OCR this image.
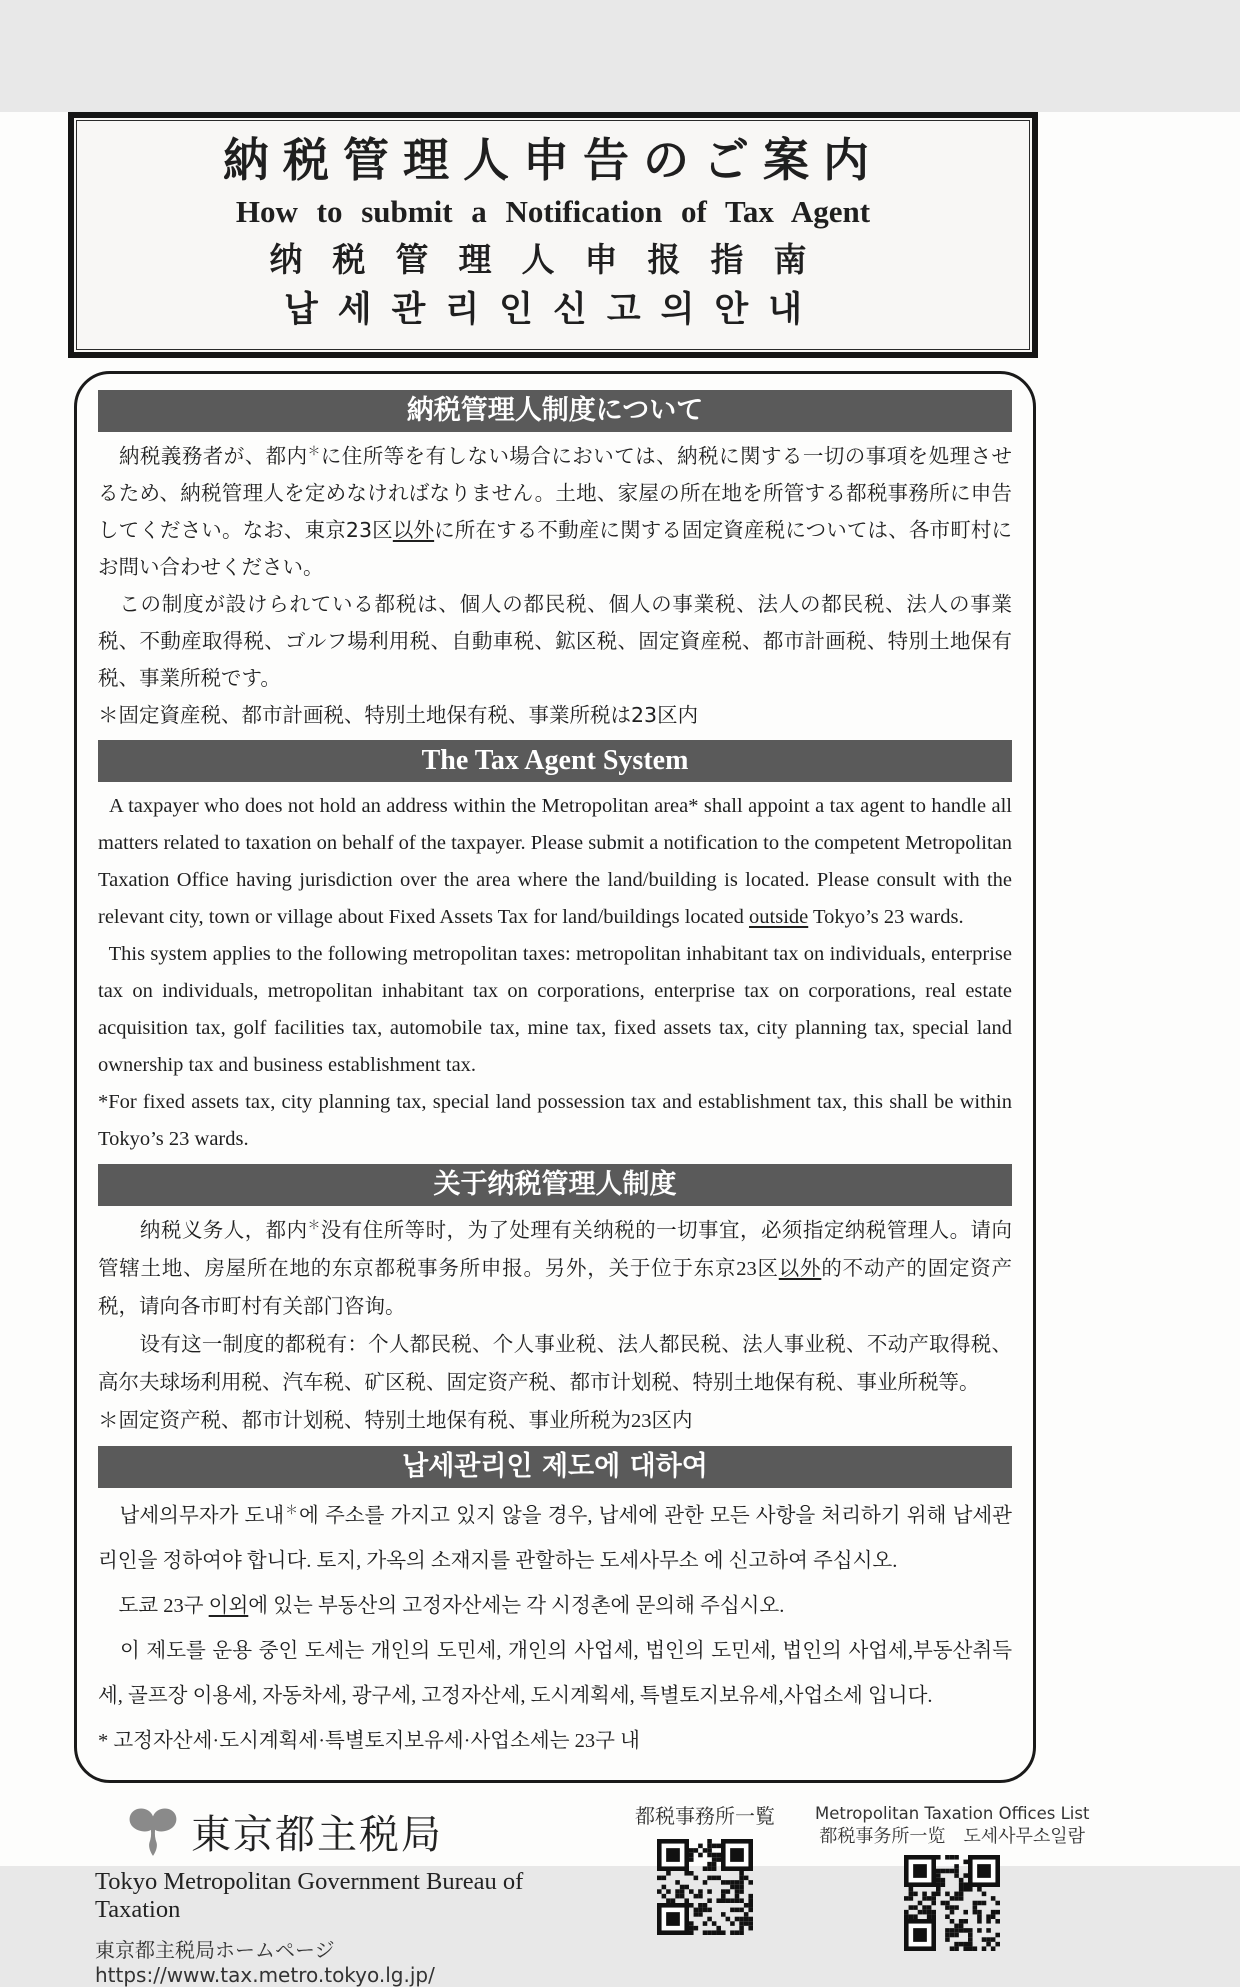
納税管理人申告のご案内
How to submit a Notification of Tax Agent
纳税管理人申报指南
납세관리인신고의안내
納税管理人制度について

　納税義務者が、都内＊に住所等を有しない場合においては、納税に関する一切の事項を処理させるため、納税管理人を定めなければなりません。土地、家屋の所在地を所管する都税事務所に申告してください。なお、東京23区以外に所在する不動産に関する固定資産税については、各市町村にお問い合わせください。

　この制度が設けられている都税は、個人の都民税、個人の事業税、法人の都民税、法人の事業税、不動産取得税、ゴルフ場利用税、自動車税、鉱区税、固定資産税、都市計画税、特別土地保有税、事業所税です。

＊固定資産税、都市計画税、特別土地保有税、事業所税は23区内

The Tax Agent System

A taxpayer who does not hold an address within the Metropolitan area* shall appoint a tax agent to handle all matters related to taxation on behalf of the taxpayer. Please submit a notification to the competent Metropolitan Taxation Office having jurisdiction over the area where the land/building is located. Please consult with the relevant city, town or village about Fixed Assets Tax for land/buildings located outside Tokyo’s 23 wards.

This system applies to the following metropolitan taxes: metropolitan inhabitant tax on individuals, enterprise tax on individuals, metropolitan inhabitant tax on corporations, enterprise tax on corporations, real estate acquisition tax, golf facilities tax, automobile tax, mine tax, fixed assets tax, city planning tax, special land ownership tax and business establishment tax.

*For fixed assets tax, city planning tax, special land possession tax and establishment tax, this shall be within Tokyo’s 23 wards.

关于纳税管理人制度

　　纳税义务人，都内＊没有住所等时，为了处理有关纳税的一切事宜，必须指定纳税管理人。请向管辖土地、房屋所在地的东京都税事务所申报。另外，关于位于东京23区以外的不动产的固定资产税，请向各市町村有关部门咨询。

　　设有这一制度的都税有：个人都民税、个人事业税、法人都民税、法人事业税、不动产取得税、高尔夫球场利用税、汽车税、矿区税、固定资产税、都市计划税、特别土地保有税、事业所税等。

＊固定资产税、都市计划税、特别土地保有税、事业所税为23区内

납세관리인 제도에 대하여

　납세의무자가 도내＊에 주소를 가지고 있지 않을 경우, 납세에 관한 모든 사항을 처리하기 위해 납세관리인을 정하여야 합니다. 토지, 가옥의 소재지를 관할하는 도세사무소 에 신고하여 주십시오.

　도쿄 23구 이외에 있는 부동산의 고정자산세는 각 시정촌에 문의해 주십시오.

　이 제도를 운용 중인 도세는 개인의 도민세, 개인의 사업세, 법인의 도민세, 법인의 사업세,부동산취득세, 골프장 이용세, 자동차세, 광구세, 고정자산세, 도시계획세, 특별토지보유세,사업소세 입니다.

* 고정자산세·도시계획세·특별토지보유세·사업소세는 23구 내

東京都主税局
Tokyo Metropolitan Government Bureau of Taxation
東京都主税局ホームページ https://www.tax.metro.tokyo.lg.jp/
都税事務所一覧 Metropolitan Taxation Offices List
都税事务所一览　도세사무소일람
